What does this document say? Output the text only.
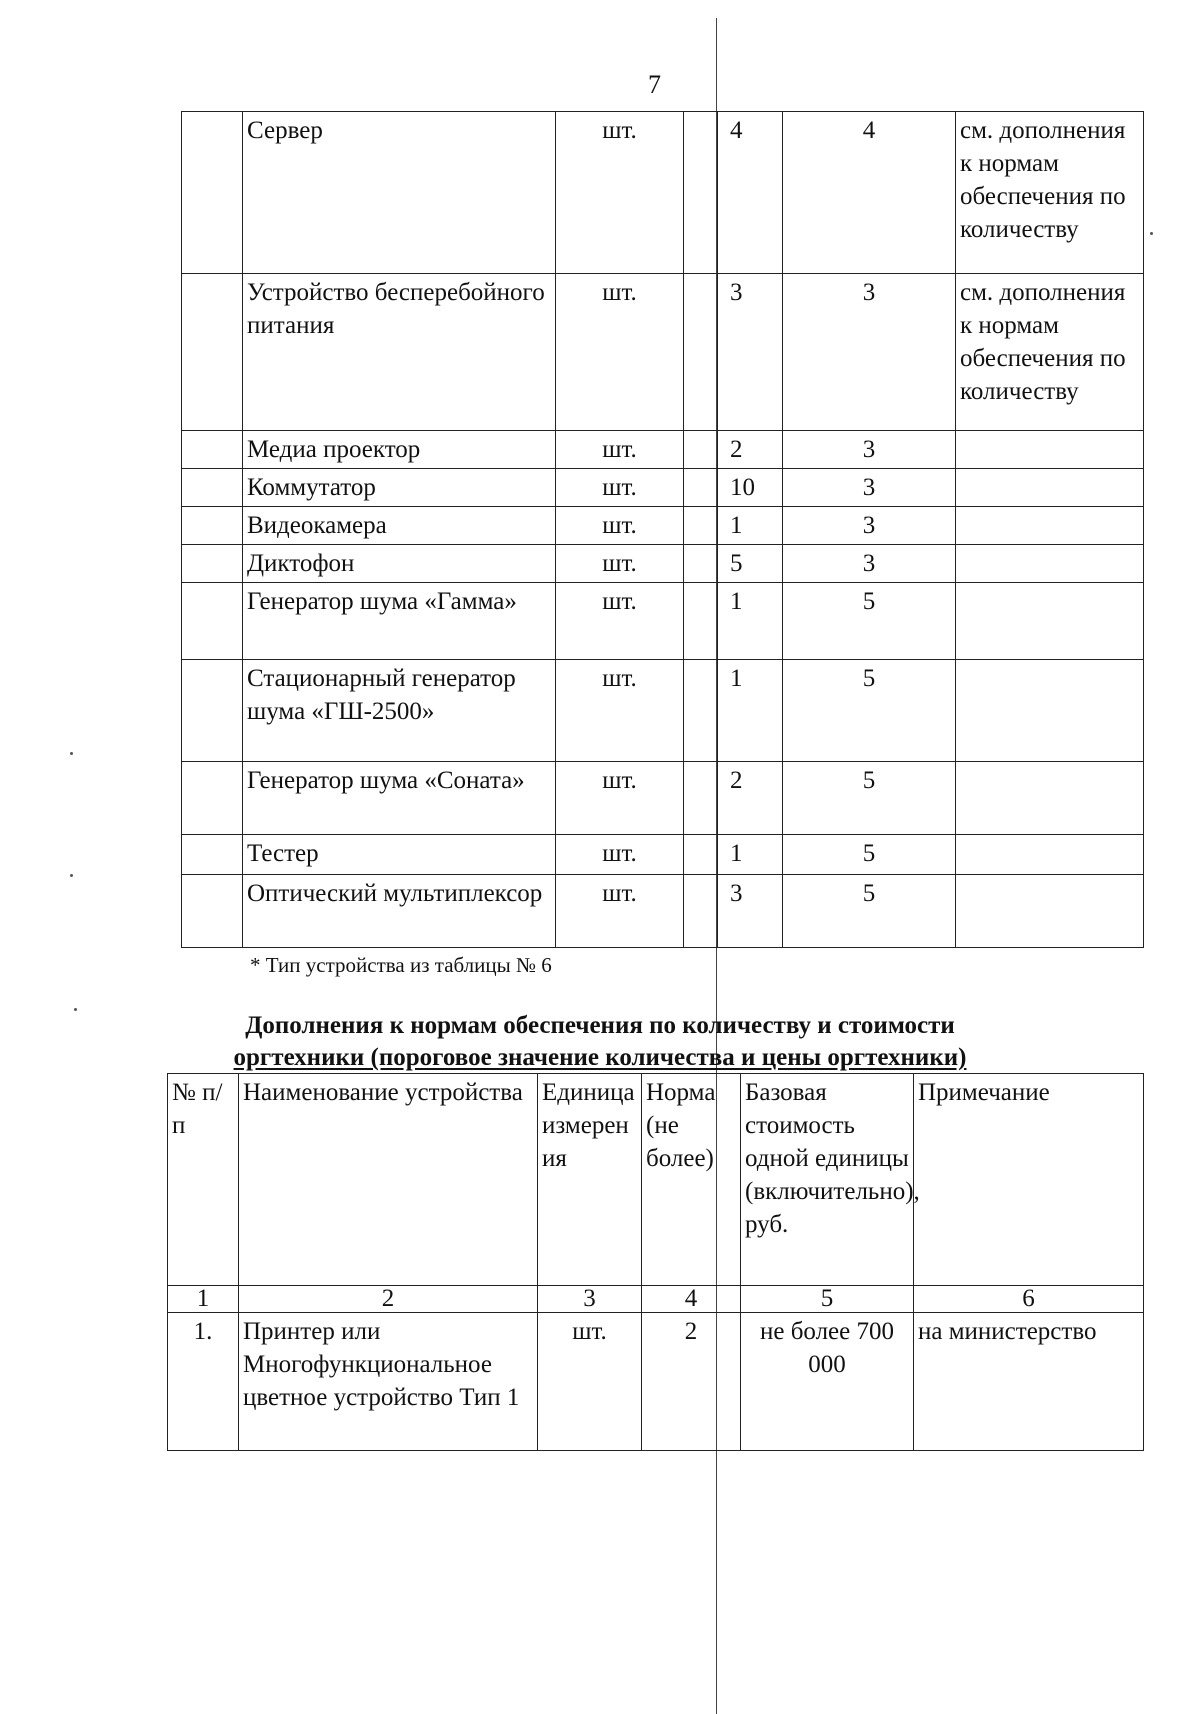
7
	Сервер	шт.		4	4	см. дополнения к нормам обеспечения по количеству
	Устройство бесперебойного питания	шт.		3	3	см. дополнения к нормам обеспечения по количеству
	Медиа проектор	шт.		2	3	
	Коммутатор	шт.		10	3	
	Видеокамера	шт.		1	3	
	Диктофон	шт.		5	3	
	Генератор шума «Гамма»	шт.		1	5	
	Стационарный генератор шума «ГШ-2500»	шт.		1	5	
	Генератор шума «Соната»	шт.		2	5	
	Тестер	шт.		1	5	
	Оптический мультиплексор	шт.		3	5	
* Тип устройства из таблицы № 6
Дополнения к нормам обеспечения по количеству и стоимости
оргтехники (пороговое значение количества и цены оргтехники)
№ п/п	Наименование устройства	Единица измерения	Норма (не более)	Базовая стоимость одной единицы (включительно), руб.	Примечание
1	2	3	4	5	6
1.	Принтер или Многофункциональное цветное устройство Тип 1	шт.	2	не более 700 000	на министерство
